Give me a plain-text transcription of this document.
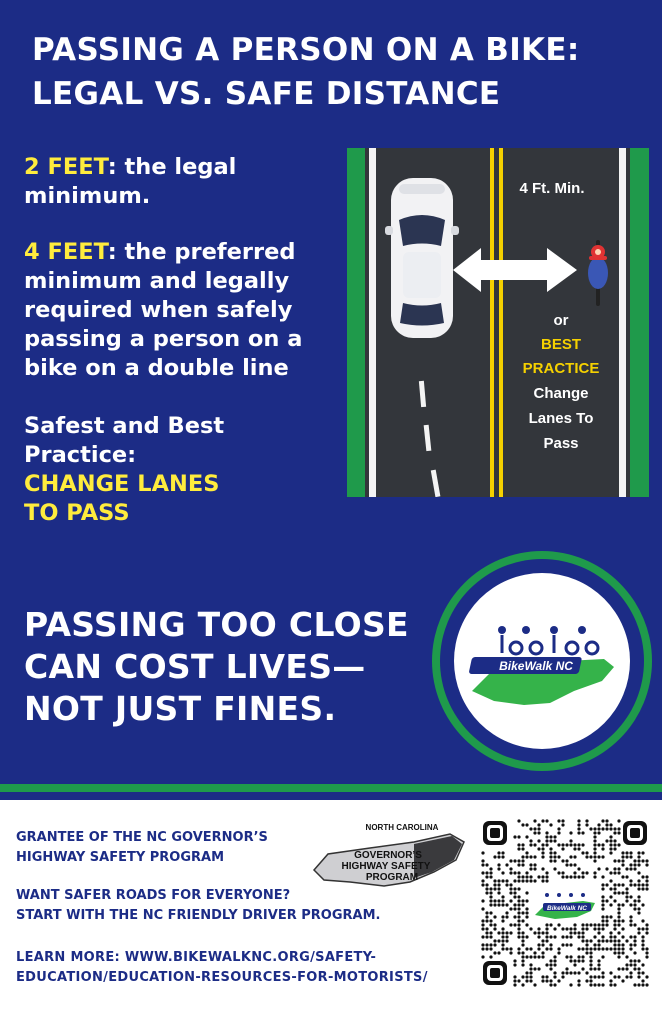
PASSING A PERSON ON A BIKE:
LEGAL VS. SAFE DISTANCE
2 FEET: the legal
minimum.
4 FEET: the preferred
minimum and legally
required when safely
passing a person on a
bike on a double line
Safest and Best
Practice:
CHANGE LANES
TO PASS
4 Ft. Min.
or
BEST
PRACTICE
Change
Lanes To
Pass
PASSING TOO CLOSE
CAN COST LIVES—
NOT JUST FINES.
BikeWalk NC
GRANTEE OF THE NC GOVERNOR’S
HIGHWAY SAFETY PROGRAM
WANT SAFER ROADS FOR EVERYONE?
START WITH THE NC FRIENDLY DRIVER PROGRAM.
LEARN MORE: WWW.BIKEWALKNC.ORG/SAFETY-
EDUCATION/EDUCATION-RESOURCES-FOR-MOTORISTS/
NORTH CAROLINA
GOVERNOR’S
HIGHWAY SAFETY
PROGRAM
BikeWalk NC
